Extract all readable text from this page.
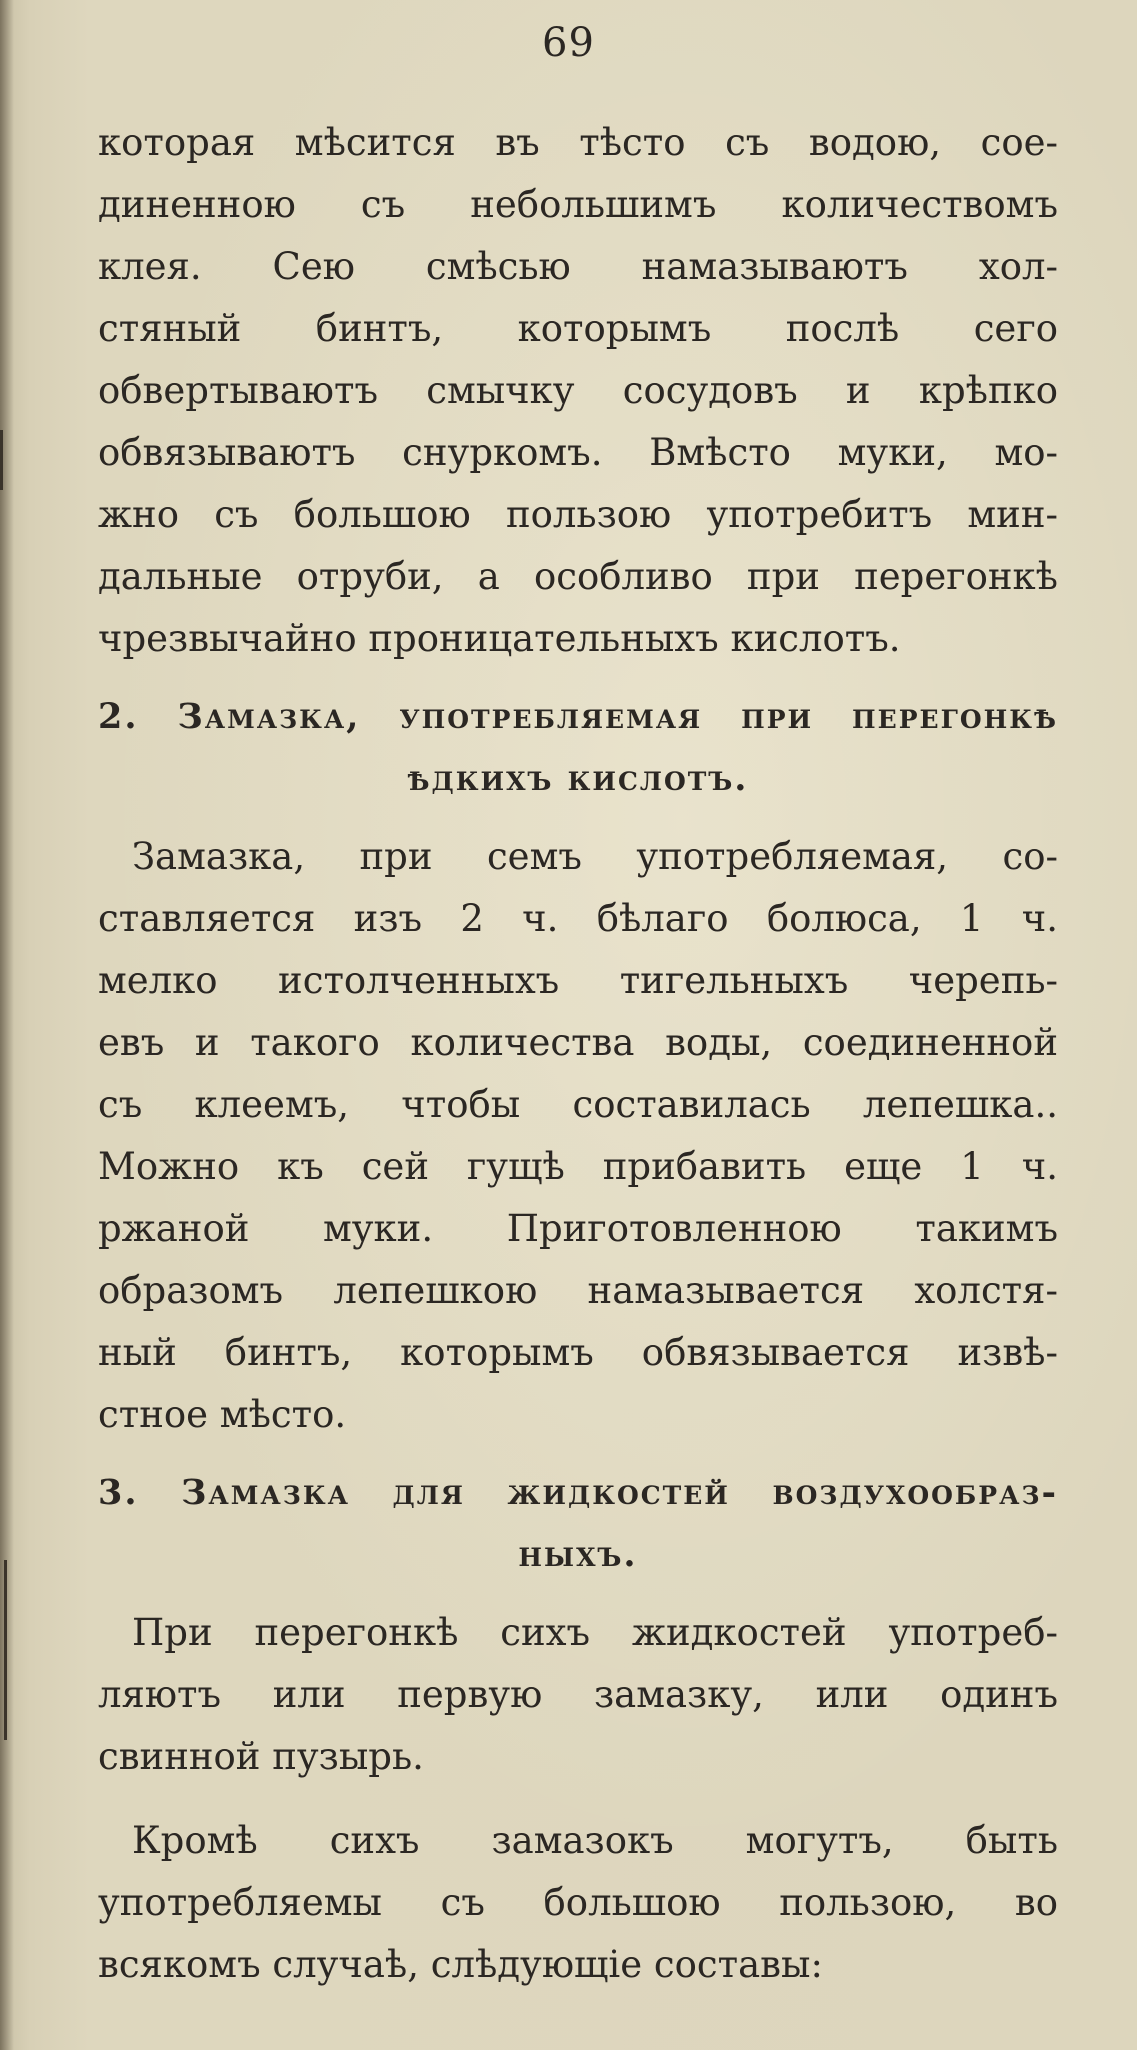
69
которая мѣсится въ тѣсто съ водою, сое-
диненною съ небольшимъ количествомъ
клея. Сею смѣсью намазываютъ хол-
стяный бинтъ, которымъ послѣ сего
обвертываютъ смычку сосудовъ и крѣпко
обвязываютъ снуркомъ. Вмѣсто муки, мо-
жно съ большою пользою употребитъ мин-
дальные отруби, а особливо при перегонкѣ
чрезвычайно проницательныхъ кислотъ.
2. Замазка, употребляемая при перегонкѣ
ѣдкихъ кислотъ.
Замазка, при семъ употребляемая, со-
ставляется изъ 2 ч. бѣлаго болюса, 1 ч.
мелко истолченныхъ тигельныхъ черепь-
евъ и такого количества воды, соединенной
съ клеемъ, чтобы составилась лепешка..
Можно къ сей гущѣ прибавить еще 1 ч.
ржаной муки. Приготовленною такимъ
образомъ лепешкою намазывается холстя-
ный бинтъ, которымъ обвязывается извѣ-
стное мѣсто.
3. Замазка для жидкостей воздухообраз-
ныхъ.
При перегонкѣ сихъ жидкостей употреб-
ляютъ или первую замазку, или одинъ
свинной пузырь.
Кромѣ сихъ замазокъ могутъ, быть
употребляемы съ большою пользою, во
всякомъ случаѣ, слѣдующіе составы:
